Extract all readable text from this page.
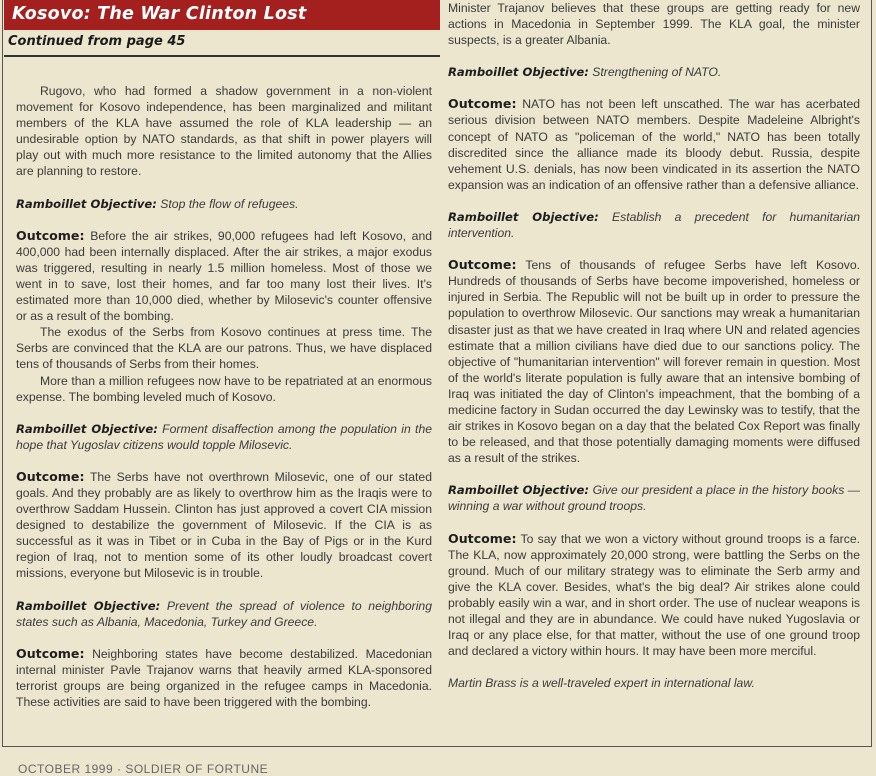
Kosovo: The War Clinton Lost
Continued from page 45

Rugovo, who had formed a shadow government in a non-violent movement for Kosovo independence, has been marginalized and militant members of the KLA have assumed the role of KLA leadership — an undesirable option by NATO standards, as that shift in power players will play out with much more resistance to the limited autonomy that the Allies are planning to restore.

Ramboillet Objective: Stop the flow of refugees.

Outcome: Before the air strikes, 90,000 refugees had left Kosovo, and 400,000 had been internally displaced. After the air strikes, a major exodus was triggered, resulting in nearly 1.5 million homeless. Most of those we went in to save, lost their homes, and far too many lost their lives. It's estimated more than 10,000 died, whether by Milosevic's counter offensive or as a result of the bombing.

The exodus of the Serbs from Kosovo continues at press time. The Serbs are convinced that the KLA are our patrons. Thus, we have displaced tens of thousands of Serbs from their homes.

More than a million refugees now have to be repatriated at an enormous expense. The bombing leveled much of Kosovo.

Ramboillet Objective: Forment disaffection among the population in the hope that Yugoslav citizens would topple Milosevic.

Outcome: The Serbs have not overthrown Milosevic, one of our stated goals. And they probably are as likely to overthrow him as the Iraqis were to overthrow Saddam Hussein. Clinton has just approved a covert CIA mission designed to destabilize the government of Milosevic. If the CIA is as successful as it was in Tibet or in Cuba in the Bay of Pigs or in the Kurd region of Iraq, not to mention some of its other loudly broadcast covert missions, everyone but Milosevic is in trouble.

Ramboillet Objective: Prevent the spread of violence to neighboring states such as Albania, Macedonia, Turkey and Greece.

Outcome: Neighboring states have become destabilized. Macedonian internal minister Pavle Trajanov warns that heavily armed KLA-sponsored terrorist groups are being organized in the refugee camps in Macedonia. These activities are said to have been triggered with the bombing.

Minister Trajanov believes that these groups are getting ready for new actions in Macedonia in September 1999. The KLA goal, the minister suspects, is a greater Albania.

Ramboillet Objective: Strengthening of NATO.

Outcome: NATO has not been left unscathed. The war has acerbated serious division between NATO members. Despite Madeleine Albright's concept of NATO as "policeman of the world," NATO has been totally discredited since the alliance made its bloody debut. Russia, despite vehement U.S. denials, has now been vindicated in its assertion the NATO expansion was an indication of an offensive rather than a defensive alliance.

Ramboillet Objective: Establish a precedent for humanitarian intervention.

Outcome: Tens of thousands of refugee Serbs have left Kosovo. Hundreds of thousands of Serbs have become impoverished, homeless or injured in Serbia. The Republic will not be built up in order to pressure the population to overthrow Milosevic. Our sanctions may wreak a humanitarian disaster just as that we have created in Iraq where UN and related agencies estimate that a million civilians have died due to our sanctions policy. The objective of "humanitarian intervention" will forever remain in question. Most of the world's literate population is fully aware that an intensive bombing of Iraq was initiated the day of Clinton's impeachment, that the bombing of a medicine factory in Sudan occurred the day Lewinsky was to testify, that the air strikes in Kosovo began on a day that the belated Cox Report was finally to be released, and that those potentially damaging moments were diffused as a result of the strikes.

Ramboillet Objective: Give our president a place in the history books — winning a war without ground troops.

Outcome: To say that we won a victory without ground troops is a farce. The KLA, now approximately 20,000 strong, were battling the Serbs on the ground. Much of our military strategy was to eliminate the Serb army and give the KLA cover. Besides, what's the big deal? Air strikes alone could probably easily win a war, and in short order. The use of nuclear weapons is not illegal and they are in abundance. We could have nuked Yugoslavia or Iraq or any place else, for that matter, without the use of one ground troop and declared a victory within hours. It may have been more merciful.

Martin Brass is a well-traveled expert in international law.

OCTOBER 1999 · SOLDIER OF FORTUNE
